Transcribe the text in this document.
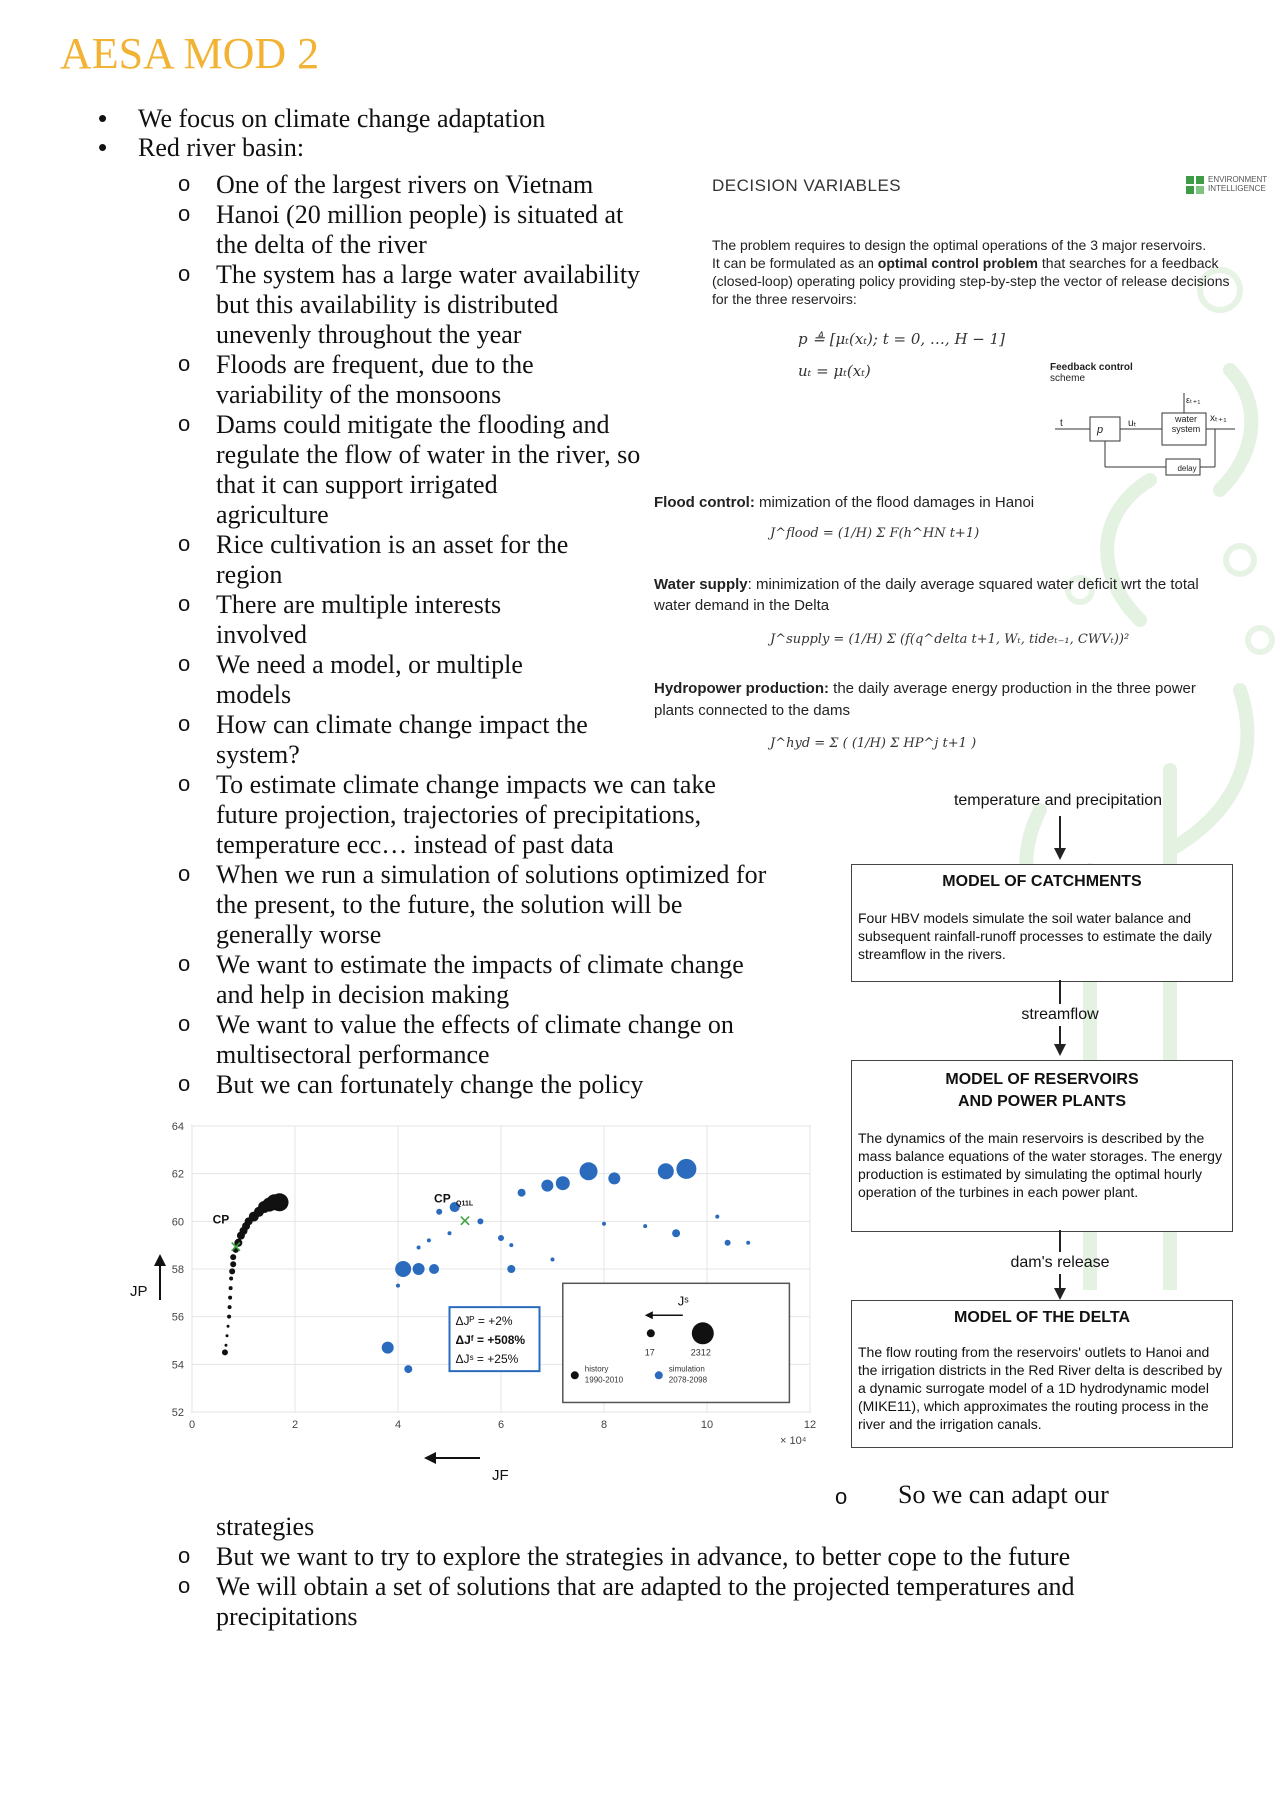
AESA MOD 2
• We focus on climate change adaptation
• Red river basin:
o One of the largest rivers on Vietnam
o Hanoi (20 million people) is situated at
the delta of the river
o The system has a large water availability
but this availability is distributed
unevenly throughout the year
o Floods are frequent, due to the
variability of the monsoons
o Dams could mitigate the flooding and
regulate the flow of water in the river, so
that it can support irrigated
agriculture
o Rice cultivation is an asset for the
region
o There are multiple interests
involved
o We need a model, or multiple
models
o How can climate change impact the
system?
o To estimate climate change impacts we can take
future projection, trajectories of precipitations,
temperature ecc… instead of past data
o When we run a simulation of solutions optimized for
the present, to the future, the solution will be
generally worse
o We want to estimate the impacts of climate change
and help in decision making
o We want to value the effects of climate change on
multisectoral performance
o But we can fortunately change the policy
o So we can adapt our
strategies
o But we want to try to explore the strategies in advance, to better cope to the future
o We will obtain a set of solutions that are adapted to the projected temperatures and
precipitations
DECISION VARIABLES	ENVIRONMENT
INTELLIGENCE
The problem requires to design the optimal operations of the 3 major reservoirs.
It can be formulated as an optimal control problem that searches for a feedback
(closed-loop) operating policy providing step-by-step the vector of release decisions
for the three reservoirs:
p ≜ [μₜ(xₜ); t = 0, …, H − 1]
uₜ = μₜ(xₜ)	Feedback control
scheme
t
p
uₜ	water
system
xₜ₊₁
εₜ₊₁
delay
Flood control: mimization of the flood damages in Hanoi
J^flood = (1/H) Σ F(h^HN t+1)
Water supply: minimization of the daily average squared water deficit wrt the total
water demand in the Delta
J^supply = (1/H) Σ (f(q^delta t+1, Wₜ, tideₜ₋₁, CWVₜ))²
Hydropower production: the daily average energy production in the three power
plants connected to the dams
J^hyd = Σ ( (1/H) Σ HP^j t+1 )
temperature and precipitation
MODEL OF CATCHMENTS
Four HBV models simulate the soil water balance and subsequent rainfall-runoff processes to estimate the daily streamflow in the rivers.
streamflow
MODEL OF RESERVOIRS
AND POWER PLANTS
The dynamics of the main reservoirs is described by the mass balance equations of the water storages. The energy production is estimated by simulating the optimal hourly operation of the turbines in each power plant.
dam's release
MODEL OF THE DELTA
The flow routing from the reservoirs' outlets to Hanoi and the irrigation districts in the Red River delta is described by a dynamic surrogate model of a 1D hydrodynamic model (MIKE11), which approximates the routing process in the river and the irrigation canals.
0	2	4	6	8	10	12
52
54
56
58
60
62
64
× 10⁴
JP
JF
✕
✕
CP
CP Q11L
ΔJᴾ = +2%
ΔJᶠ = +508%
ΔJˢ = +25%
Jˢ
17	2312
history
1990-2010
simulation
2078-2098
